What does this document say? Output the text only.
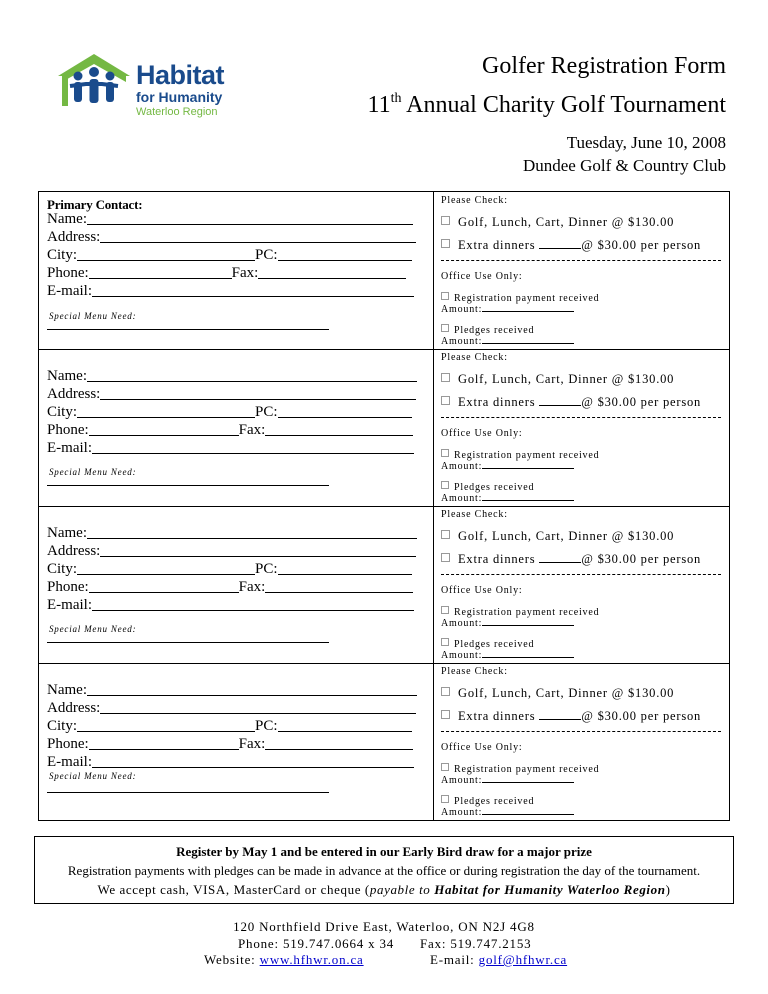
Habitat
for Humanity
Waterloo Region
Golfer Registration Form
11th Annual Charity Golf Tournament
Tuesday, June 10, 2008
Dundee Golf & Country Club
Primary Contact:
Name:
Address:
City:	PC:
Phone:	Fax:
E-mail:
Special Menu Need:
Please Check:
Golf, Lunch, Cart, Dinner @ $130.00
Extra dinners	@ $30.00 per person
Office Use Only:
Registration payment received
Amount:
Pledges received
Amount:
Name:
Address:
City:	PC:
Phone:	Fax:
E-mail:
Special Menu Need:
Please Check:
Golf, Lunch, Cart, Dinner @ $130.00
Extra dinners	@ $30.00 per person
Office Use Only:
Registration payment received
Amount:
Pledges received
Amount:
Name:
Address:
City:	PC:
Phone:	Fax:
E-mail:
Special Menu Need:
Please Check:
Golf, Lunch, Cart, Dinner @ $130.00
Extra dinners	@ $30.00 per person
Office Use Only:
Registration payment received
Amount:
Pledges received
Amount:
Name:
Address:
City:	PC:
Phone:	Fax:
E-mail:
Special Menu Need:
Please Check:
Golf, Lunch, Cart, Dinner @ $130.00
Extra dinners	@ $30.00 per person
Office Use Only:
Registration payment received
Amount:
Pledges received
Amount:
Register by May 1 and be entered in our Early Bird draw for a major prize
Registration payments with pledges can be made in advance at the office or during registration the day of the tournament.
We accept cash, VISA, MasterCard or cheque (payable to Habitat for Humanity Waterloo Region)
120 Northfield Drive East, Waterloo, ON N2J 4G8
Phone: 519.747.0664 x 34 Fax: 519.747.2153
Website: www.hfhwr.on.ca	E-mail: golf@hfhwr.ca
